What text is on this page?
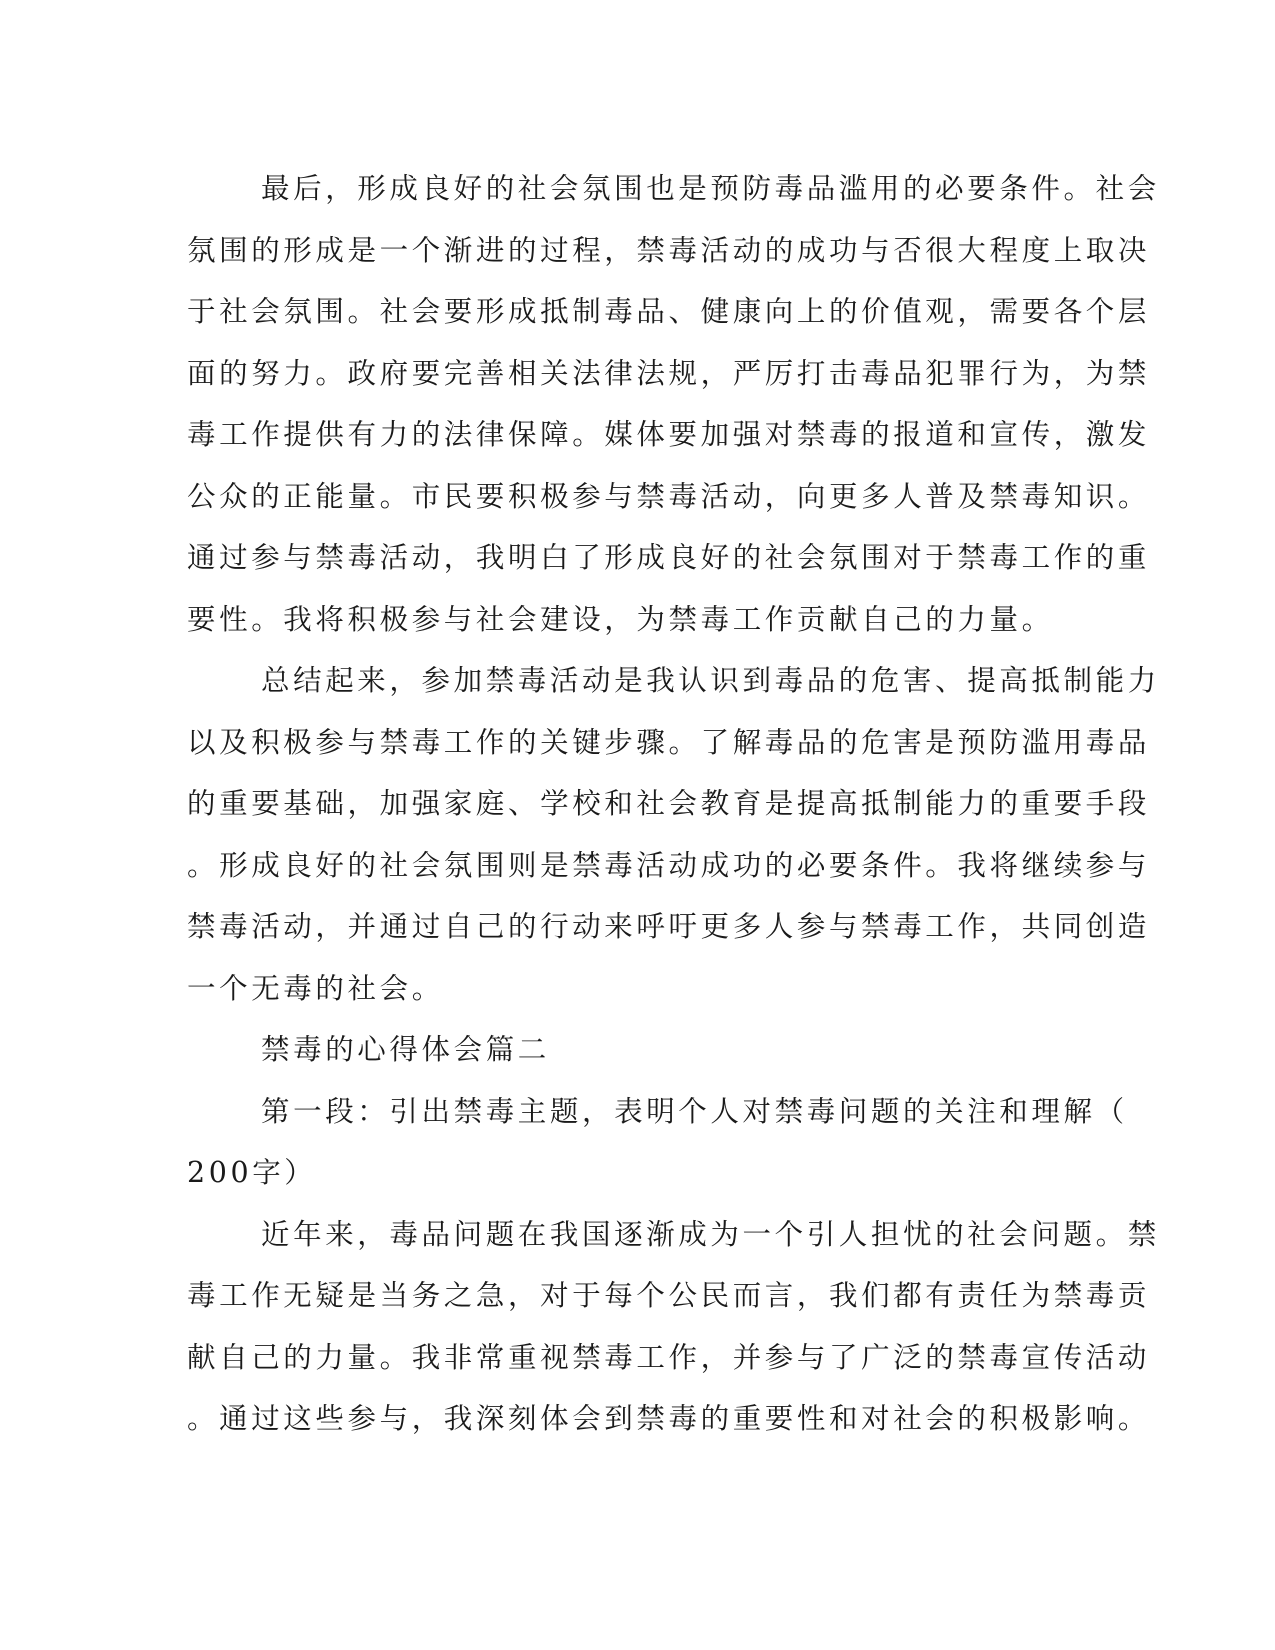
最后，形成良好的社会氛围也是预防毒品滥用的必要条件。社会
氛围的形成是一个渐进的过程，禁毒活动的成功与否很大程度上取决
于社会氛围。社会要形成抵制毒品、健康向上的价值观，需要各个层
面的努力。政府要完善相关法律法规，严厉打击毒品犯罪行为，为禁
毒工作提供有力的法律保障。媒体要加强对禁毒的报道和宣传，激发
公众的正能量。市民要积极参与禁毒活动，向更多人普及禁毒知识。
通过参与禁毒活动，我明白了形成良好的社会氛围对于禁毒工作的重
要性。我将积极参与社会建设，为禁毒工作贡献自己的力量。
总结起来，参加禁毒活动是我认识到毒品的危害、提高抵制能力
以及积极参与禁毒工作的关键步骤。了解毒品的危害是预防滥用毒品
的重要基础，加强家庭、学校和社会教育是提高抵制能力的重要手段
。形成良好的社会氛围则是禁毒活动成功的必要条件。我将继续参与
禁毒活动，并通过自己的行动来呼吁更多人参与禁毒工作，共同创造
一个无毒的社会。
禁毒的心得体会篇二
第一段：引出禁毒主题，表明个人对禁毒问题的关注和理解（
200字）
近年来，毒品问题在我国逐渐成为一个引人担忧的社会问题。禁
毒工作无疑是当务之急，对于每个公民而言，我们都有责任为禁毒贡
献自己的力量。我非常重视禁毒工作，并参与了广泛的禁毒宣传活动
。通过这些参与，我深刻体会到禁毒的重要性和对社会的积极影响。
